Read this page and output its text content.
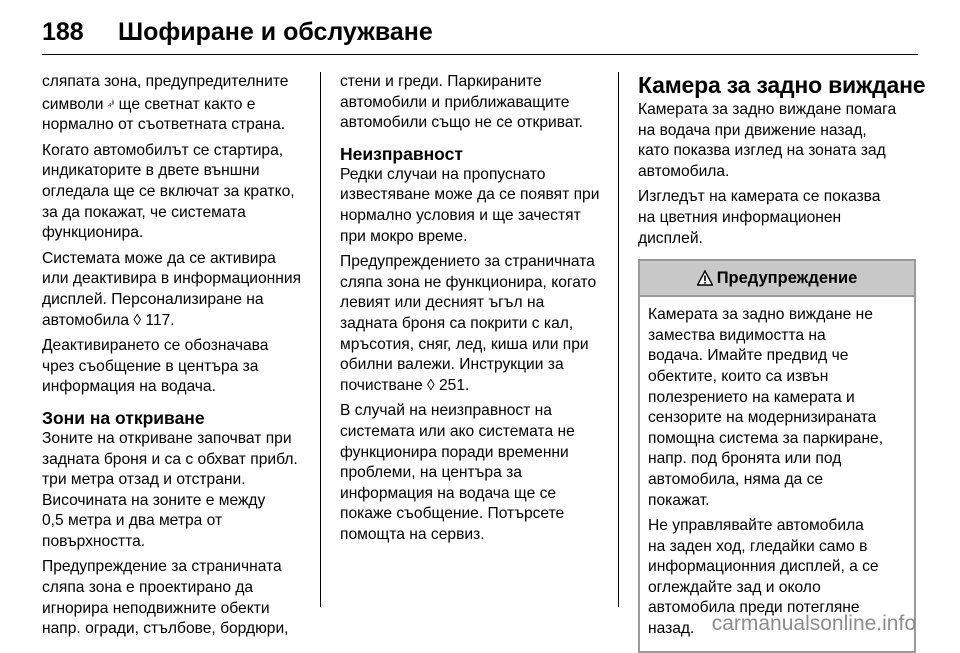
188 Шофиране и обслужване

сляпата зона, предупредителните
символи ₄ʲᵎ ще светнат както е
нормално от съответната страна.

Когато автомобилът се стартира,
индикаторите в двете външни
огледала ще се включат за кратко,
за да покажат, че системата
функционира.

Системата може да се активира
или деактивира в информационния
дисплей. Персонализиране на
автомобила ◊ 117.

Деактивирането се обозначава
чрез съобщение в центъра за
информация на водача.

Зони на откриване

Зоните на откриване започват при
задната броня и са с обхват прибл.
три метра отзад и отстрани.
Височината на зоните е между
0,5 метра и два метра от
повърхността.

Предупреждение за страничната
сляпа зона е проектирано да
игнорира неподвижните обекти
напр. огради, стълбове, бордюри,

стени и греди. Паркираните
автомобили и приближаващите
автомобили също не се откриват.

Неизправност

Редки случаи на пропуснато
известяване може да се появят при
нормално условия и ще зачестят
при мокро време.

Предупреждението за страничната
сляпа зона не функционира, когато
левият или десният ъгъл на
задната броня са покрити с кал,
мръсотия, сняг, лед, киша или при
обилни валежи. Инструкции за
почистване ◊ 251.

В случай на неизправност на
системата или ако системата не
функционира поради временни
проблеми, на центъра за
информация на водача ще се
покаже съобщение. Потърсете
помощта на сервиз.

Камера за задно виждане

Камерата за задно виждане помага
на водача при движение назад,
като показва изглед на зоната зад
автомобила.

Изгледът на камерата се показва
на цветния информационен
дисплей.

Предупреждение

Камерата за задно виждане не
замества видимостта на
водача. Имайте предвид че
обектите, които са извън
полезрението на камерата и
сензорите на модернизираната
помощна система за паркиране,
напр. под бронята или под
автомобила, няма да се
покажат.

Не управлявайте автомобила
на заден ход, гледайки само в
информационния дисплей, а се
оглеждайте зад и около
автомобила преди потегляне
назад. carmanualsonline.info
